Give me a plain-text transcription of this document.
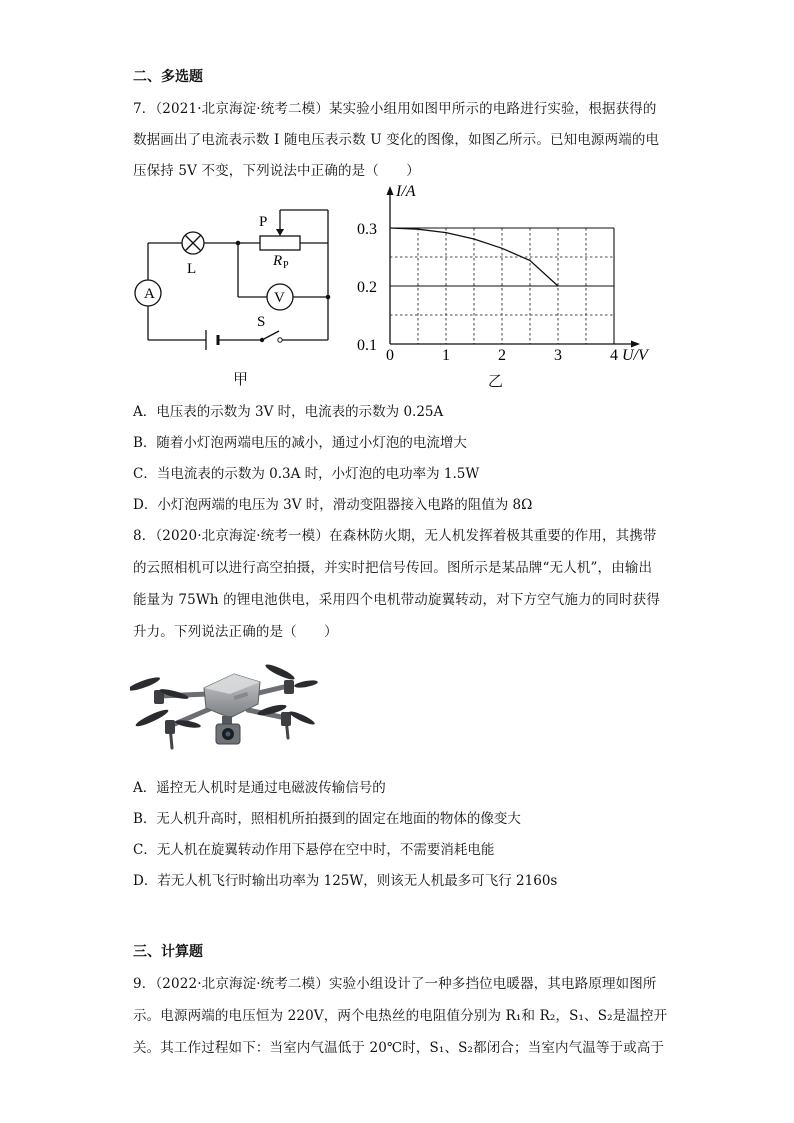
二、多选题
7．（2021·北京海淀·统考二模）某实验小组用如图甲所示的电路进行实验，根据获得的
数据画出了电流表示数 I 随电压表示数 U 变化的图像，如图乙所示。已知电源两端的电
压保持 5V 不变，下列说法中正确的是（　　）
A	V
L
P
R P
S
甲
0	1	2	3	4
0.1
0.2
0.3
I/A
U/V
乙
A．电压表的示数为 3V 时，电流表的示数为 0.25A
B．随着小灯泡两端电压的减小，通过小灯泡的电流增大
C．当电流表的示数为 0.3A 时，小灯泡的电功率为 1.5W
D．小灯泡两端的电压为 3V 时，滑动变阻器接入电路的阻值为 8Ω
8．（2020·北京海淀·统考一模）在森林防火期，无人机发挥着极其重要的作用，其携带
的云照相机可以进行高空拍摄，并实时把信号传回。图所示是某品牌“无人机”，由输出
能量为 75Wh 的锂电池供电，采用四个电机带动旋翼转动，对下方空气施力的同时获得
升力。下列说法正确的是（　　）
A．遥控无人机时是通过电磁波传输信号的
B．无人机升高时，照相机所拍摄到的固定在地面的物体的像变大
C．无人机在旋翼转动作用下悬停在空中时，不需要消耗电能
D．若无人机飞行时输出功率为 125W，则该无人机最多可飞行 2160s
三、计算题
9．（2022·北京海淀·统考二模）实验小组设计了一种多挡位电暖器，其电路原理如图所
示。电源两端的电压恒为 220V，两个电热丝的电阻值分别为 R₁和 R₂，S₁、S₂是温控开
关。其工作过程如下：当室内气温低于 20℃时，S₁、S₂都闭合；当室内气温等于或高于
